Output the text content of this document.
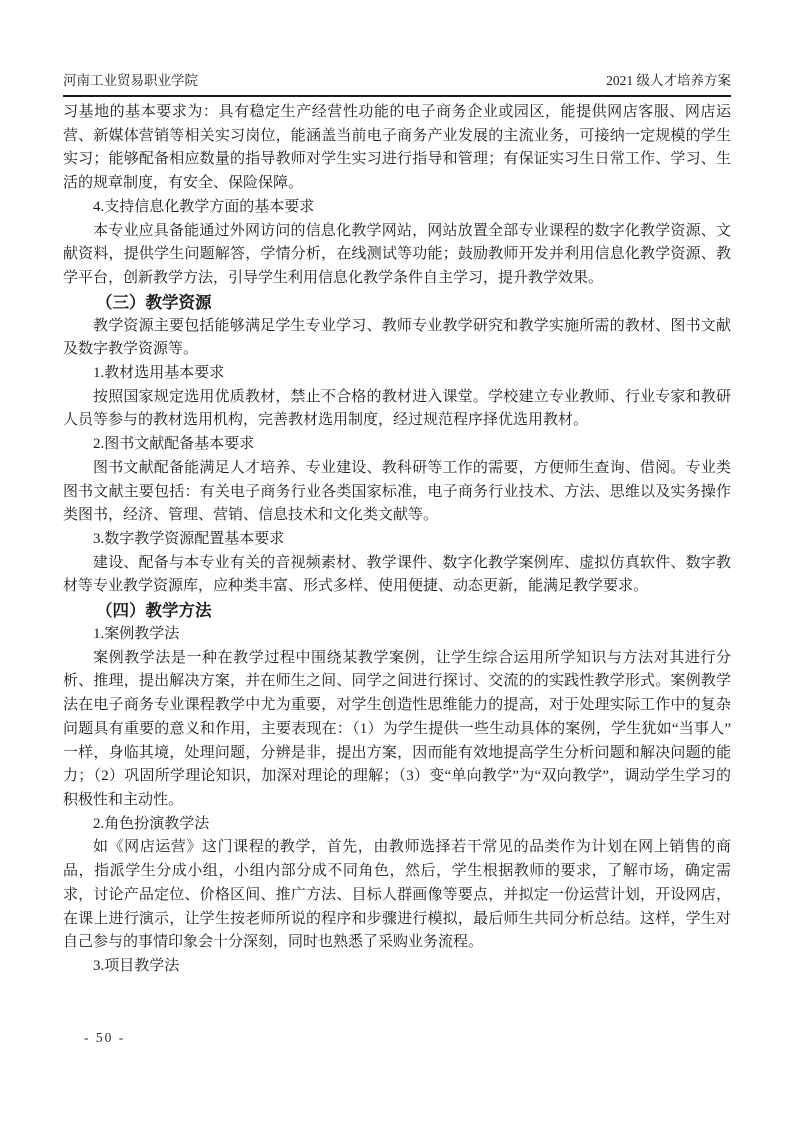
河南工业贸易职业学院	2021 级人才培养方案

习基地的基本要求为：具有稳定生产经营性功能的电子商务企业或园区，能提供网店客服、网店运营、新媒体营销等相关实习岗位，能涵盖当前电子商务产业发展的主流业务，可接纳一定规模的学生实习；能够配备相应数量的指导教师对学生实习进行指导和管理；有保证实习生日常工作、学习、生活的规章制度，有安全、保险保障。

4.支持信息化教学方面的基本要求

本专业应具备能通过外网访问的信息化教学网站，网站放置全部专业课程的数字化教学资源、文献资料，提供学生问题解答，学情分析，在线测试等功能；鼓励教师开发并利用信息化教学资源、教学平台，创新教学方法，引导学生利用信息化教学条件自主学习，提升教学效果。

（三）教学资源

教学资源主要包括能够满足学生专业学习、教师专业教学研究和教学实施所需的教材、图书文献及数字教学资源等。

1.教材选用基本要求

按照国家规定选用优质教材，禁止不合格的教材进入课堂。学校建立专业教师、行业专家和教研人员等参与的教材选用机构，完善教材选用制度，经过规范程序择优选用教材。

2.图书文献配备基本要求

图书文献配备能满足人才培养、专业建设、教科研等工作的需要，方便师生查询、借阅。专业类图书文献主要包括：有关电子商务行业各类国家标准，电子商务行业技术、方法、思维以及实务操作类图书，经济、管理、营销、信息技术和文化类文献等。

3.数字教学资源配置基本要求

建设、配备与本专业有关的音视频素材、教学课件、数字化教学案例库、虚拟仿真软件、数字教材等专业教学资源库，应种类丰富、形式多样、使用便捷、动态更新，能满足教学要求。

（四）教学方法

1.案例教学法

案例教学法是一种在教学过程中围绕某教学案例，让学生综合运用所学知识与方法对其进行分析、推理，提出解决方案，并在师生之间、同学之间进行探讨、交流的的实践性教学形式。案例教学法在电子商务专业课程教学中尤为重要，对学生创造性思维能力的提高，对于处理实际工作中的复杂问题具有重要的意义和作用，主要表现在：（1）为学生提供一些生动具体的案例，学生犹如“当事人”一样，身临其境，处理问题，分辨是非，提出方案，因而能有效地提高学生分析问题和解决问题的能力；（2）巩固所学理论知识，加深对理论的理解；（3）变“单向教学”为“双向教学”，调动学生学习的积极性和主动性。

2.角色扮演教学法

如《网店运营》这门课程的教学，首先，由教师选择若干常见的品类作为计划在网上销售的商品，指派学生分成小组，小组内部分成不同角色，然后，学生根据教师的要求，了解市场，确定需求，讨论产品定位、价格区间、推广方法、目标人群画像等要点，并拟定一份运营计划，开设网店，在课上进行演示，让学生按老师所说的程序和步骤进行模拟，最后师生共同分析总结。这样，学生对自己参与的事情印象会十分深刻，同时也熟悉了采购业务流程。

3.项目教学法

- 50 -
